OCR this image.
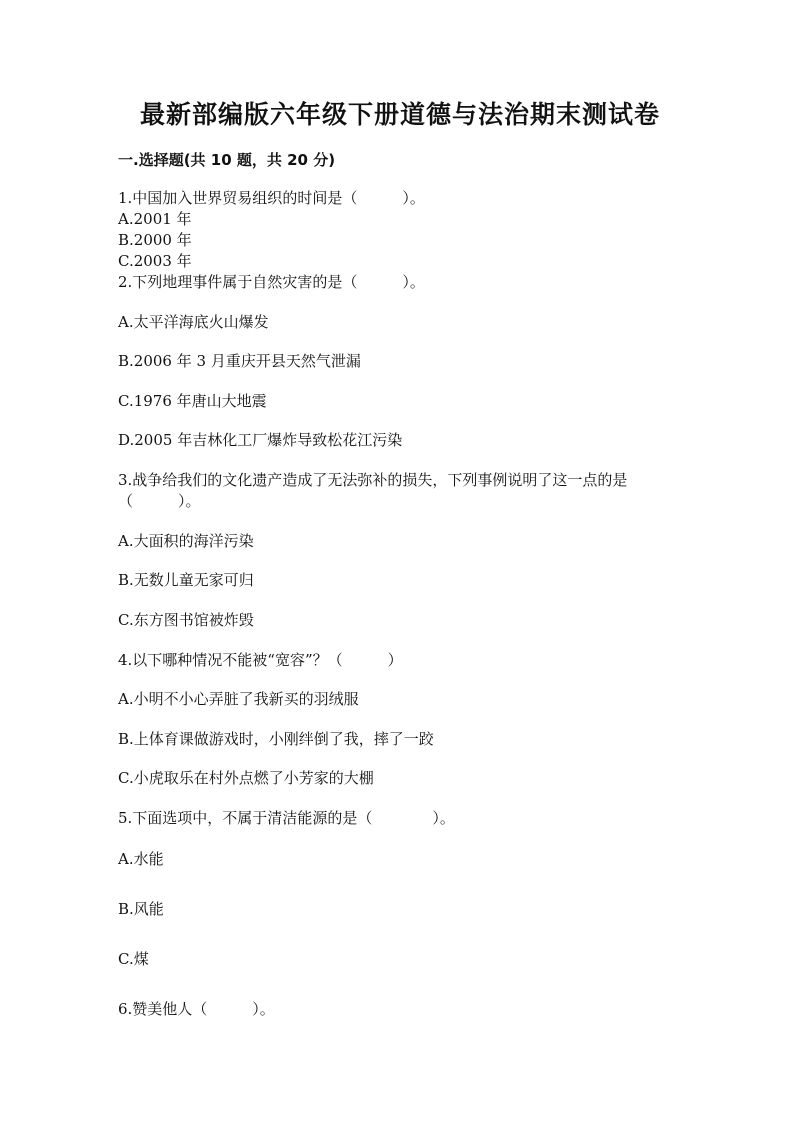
最新部编版六年级下册道德与法治期末测试卷
一.选择题(共 10 题，共 20 分)
1.中国加入世界贸易组织的时间是（　　　）。
A.2001 年
B.2000 年
C.2003 年
2.下列地理事件属于自然灾害的是（　　　）。
A.太平洋海底火山爆发
B.2006 年 3 月重庆开县天然气泄漏
C.1976 年唐山大地震
D.2005 年吉林化工厂爆炸导致松花江污染
3.战争给我们的文化遗产造成了无法弥补的损失，下列事例说明了这一点的是
（　　　）。
A.大面积的海洋污染
B.无数儿童无家可归
C.东方图书馆被炸毁
4.以下哪种情况不能被“宽容”？（　　　）
A.小明不小心弄脏了我新买的羽绒服
B.上体育课做游戏时，小刚绊倒了我，摔了一跤
C.小虎取乐在村外点燃了小芳家的大棚
5.下面选项中，不属于清洁能源的是（　　　　）。
A.水能
B.风能
C.煤
6.赞美他人（　　　）。
